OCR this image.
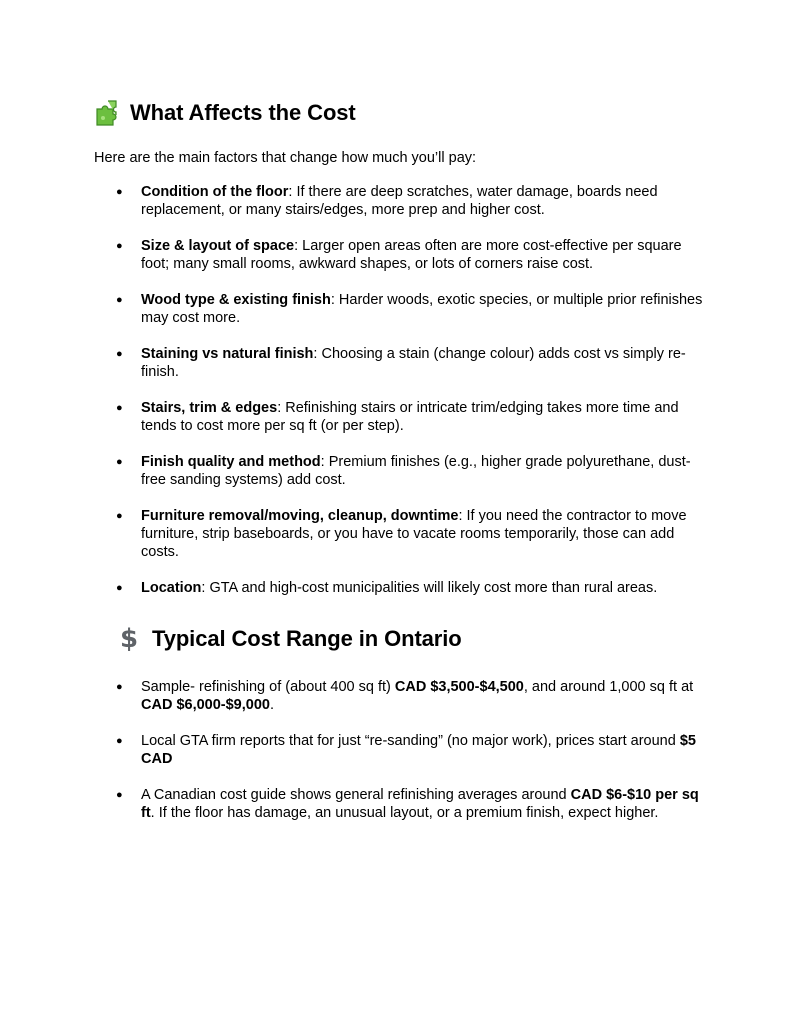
What Affects the Cost
Here are the main factors that change how much you’ll pay:
● Condition of the floor: If there are deep scratches, water damage, boards need replacement, or many stairs/edges, more prep and higher cost.
● Size & layout of space: Larger open areas often are more cost-effective per square foot; many small rooms, awkward shapes, or lots of corners raise cost.
● Wood type & existing finish: Harder woods, exotic species, or multiple prior refinishes may cost more.
● Staining vs natural finish: Choosing a stain (change colour) adds cost vs simply re-finish.
● Stairs, trim & edges: Refinishing stairs or intricate trim/edging takes more time and tends to cost more per sq ft (or per step).
● Finish quality and method: Premium finishes (e.g., higher grade polyurethane, dust-free sanding systems) add cost.
● Furniture removal/moving, cleanup, downtime: If you need the contractor to move furniture, strip baseboards, or you have to vacate rooms temporarily, those can add costs.
● Location: GTA and high-cost municipalities will likely cost more than rural areas.
$ Typical Cost Range in Ontario
● Sample- refinishing of (about 400 sq ft) CAD $3,500-$4,500, and around 1,000 sq ft at CAD $6,000-$9,000.
● Local GTA firm reports that for just “re-sanding” (no major work), prices start around $5 CAD
● A Canadian cost guide shows general refinishing averages around CAD $6-$10 per sq ft. If the floor has damage, an unusual layout, or a premium finish, expect higher.
